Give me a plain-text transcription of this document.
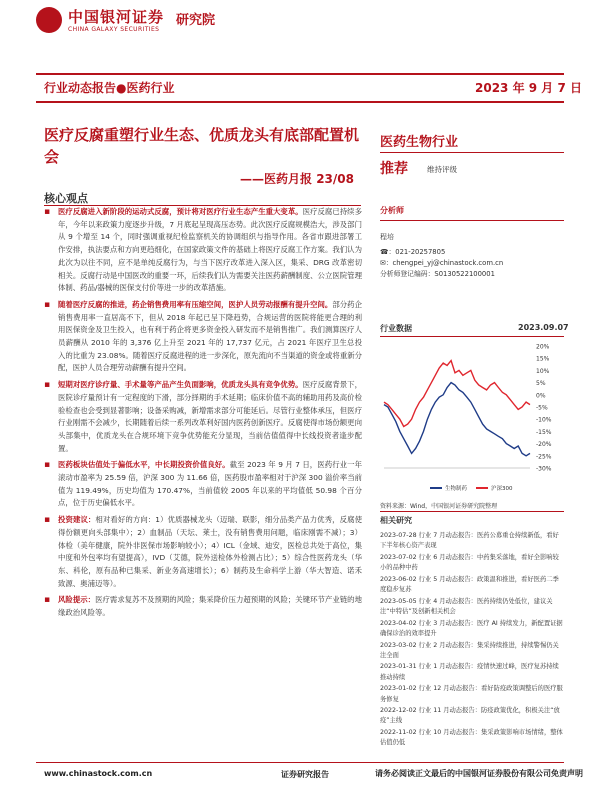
中国银河证券
CHINA GALAXY SECURITIES
研究院
行业动态报告●医药行业	2023 年 9 月 7 日
医疗反腐重塑行业生态、优质龙头有底部配置机会
——医药月报 23/08
核心观点
▪ 医疗反腐进入新阶段的运动式反腐，预计将对医疗行业生态产生重大变革。医疗反腐已持续多年，今年以来政策力度逐步升级，7 月底起呈现高压态势。此次医疗反腐规模浩大，涉及部门从 9 个增至 14 个，同时强调重视纪检监察机关的协调组织与指导作用。各省市跟进部署工作安排，执法要点和方向更趋细化，在国家政策文件的基础上将医疗反腐工作方案。我们认为此次为以往不同，应不是单纯反腐行为，与当下医疗改革进入深入区，集采、DRG 改革密切相关。反腐行动是中国医改的重要一环，后续我们认为需要关注医药薪酬制度、公立医院管理体制、药品/器械的医保支付价等进一步的改革措施。
▪ 随着医疗反腐的推进，药企销售费用率有压缩空间，医护人员劳动报酬有提升空间。部分药企销售费用率一直居高不下，但从 2018 年起已呈下降趋势，合规运营的医院将能更合理的利用医保资金及卫生投入，也有利于药企将更多资金投入研发而不是销售推广。我们测算医疗人员薪酬从 2010 年的 3,376 亿上升至 2021 年的 17,737 亿元，占 2021 年医疗卫生总投入的比重为 23.08%。随着医疗反腐进程的进一步深化，原先流向不当渠道的资金或将重新分配，医护人员合理劳动薪酬有提升空间。
▪ 短期对医疗诊疗量、手术量等产品产生负面影响，优质龙头具有竞争优势。医疗反腐背景下，医院诊疗量预计有一定程度的下滑，部分择期的手术延期；临床价值不高的辅助用药及高价检验检查也会受到显著影响；设备采购减，新增需求部分可能延后。尽管行业整体承压，但医疗行业刚需不会减少，长期随着后续一系列改革利好国内医药创新医疗。反腐使得市场份额更向头部集中，优质龙头在合规环境下竞争优势能充分显现，当前估值值得中长线投资者逢步配置。
▪ 医药板块估值处于偏低水平，中长期投资价值良好。截至 2023 年 9 月 7 日，医药行业一年滚动市盈率为 25.59 倍，沪深 300 为 11.66 倍，医药股市盈率相对于沪深 300 溢价率当前值为 119.49%，历史均值为 170.47%，当前值较 2005 年以来的平均值低 50.98 个百分点，位于历史偏低水平。
▪ 投资建议：相对看好的方向：1）优质器械龙头（迈瑞、联影，细分品类产品力优秀，反腐使得份额更向头部集中）；2）血制品（天坛、莱士，没有销售费用问题，临床刚需不减）；3）体检（美年健康，院外非医保市场影响较小）；4）ICL（金域、迪安，医检总共处于高位，集中度和外包率均有望提高），IVD（艾德，院外送检体外检测占比）；5）综合性医药龙头（华东、科伦，原有品种已集采、新业务高速增长）；6）制药及生命科学上游（华大智造、诺禾致源、奥浦迈等）。
▪ 风险提示：医疗需求复苏不及预期的风险；集采降价压力超预期的风险；关键环节产业链的地缘政治风险等。
医药生物行业
推荐	维持评级
分析师
程培
☎：021-20257805
✉：chengpei_yj@chinastock.com.cn
分析师登记编码：S0130522100001
行业数据	2023.09.07
20%
15%
10%
5%
0%
-5%
-10%
-15%
-20%
-25%
-30%
生物制药	沪深300
资料来源：Wind，中国银河证券研究院整理
相关研究
2023-07-28 行业 7 月动态报告：医药公募重仓持续新低，看好下半年核心资产表现
2023-07-02 行业 6 月动态报告：中药集采落地，看好全影响较小的品种中药
2023-06-02 行业 5 月动态报告：政策温和推进，看好医药二季度稳步复苏
2023-05-05 行业 4 月动态报告：医药持续仍处低位，建议关注“中特估”及创新相关机会
2023-04-02 行业 3 月动态报告：医疗 AI 持续发力，新配置证据确保诊治的效率提升
2023-03-02 行业 2 月动态报告：集采持续推进，持续警惕仍关注全面
2023-01-31 行业 1 月动态报告：疫情快速过峰，医疗复苏持续推动持续
2023-01-02 行业 12 月动态报告：看好防疫政策调整后的医疗服务修复
2022-12-02 行业 11 月动态报告：防疫政策优化，积极关注“放疫”主线
2022-11-02 行业 10 月动态报告：集采政策影响市场情绪，整体估值仍低
www.chinastock.com.cn	证券研究报告	请务必阅读正文最后的中国银河证券股份有限公司免责声明
